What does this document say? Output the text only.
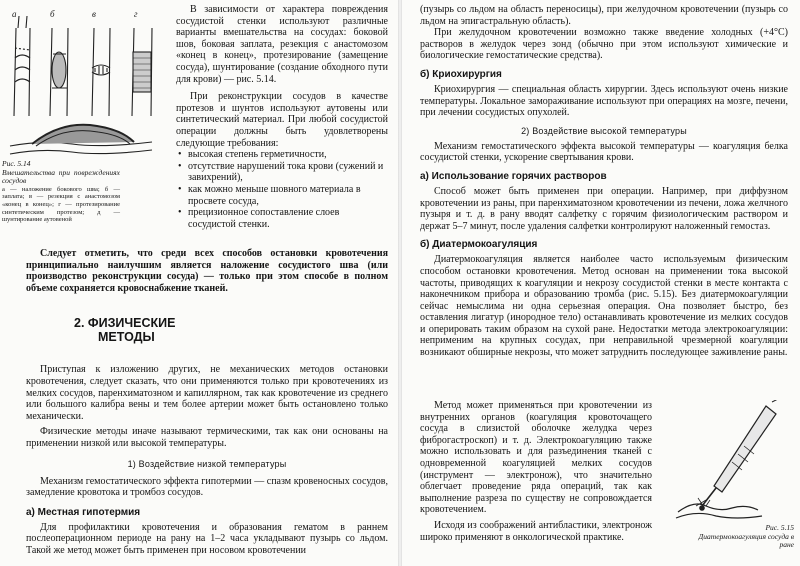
а	б	в	г

Рис. 5.14

Вмешательства при повреждениях сосудов

а — наложение бокового шва; б — заплата; в — резекция с анастомозом «конец в конец»; г — протезирование синтетическим протезом; д — шунтирование аутовеной

В зависимости от характера повреждения сосудистой стенки используют различные варианты вмешательства на сосудах: боковой шов, боковая заплата, резекция с анастомозом «конец в конец», протезирование (замещение сосуда), шунтирование (создание обходного пути для крови) — рис. 5.14.

При реконструкции сосудов в качестве протезов и шунтов используют аутовены или синтетический материал. При любой сосудистой операции должны быть удовлетворены следующие требования:

• высокая степень герметичности,
• отсутствие нарушений тока крови (сужений и завихрений),
• как можно меньше шовного материала в просвете сосуда,
• прецизионное сопоставление слоев сосудистой стенки.

Следует отметить, что среди всех способов остановки кровотечения принципиально наилучшим является наложение сосудистого шва (или производство реконструкции сосуда) — только при этом способе в полном объеме сохраняется кровоснабжение тканей.

2. ФИЗИЧЕСКИЕ
МЕТОДЫ

Приступая к изложению других, не механических методов остановки кровотечения, следует сказать, что они применяются только при кровотечениях из мелких сосудов, паренхиматозном и капиллярном, так как кровотечение из среднего или большого калибра вены и тем более артерии может быть остановлено только механически.

Физические методы иначе называют термическими, так как они основаны на применении низкой или высокой температуры.

1) Воздействие низкой температуры

Механизм гемостатического эффекта гипотермии — спазм кровеносных сосудов, замедление кровотока и тромбоз сосудов.

а) Местная гипотермия

Для профилактики кровотечения и образования гематом в раннем послеоперационном периоде на рану на 1–2 часа укладывают пузырь со льдом. Такой же метод может быть применен при носовом кровотечении

(пузырь со льдом на область переносицы), при желудочном кровотечении (пузырь со льдом на эпигастральную область).

При желудочном кровотечении возможно также введение холодных (+4°С) растворов в желудок через зонд (обычно при этом используют химические и биологические гемостатические средства).

б) Криохирургия

Криохирургия — специальная область хирургии. Здесь используют очень низкие температуры. Локальное замораживание используют при операциях на мозге, печени, при лечении сосудистых опухолей.

2) Воздействие высокой температуры

Механизм гемостатического эффекта высокой температуры — коагуляция белка сосудистой стенки, ускорение свертывания крови.

а) Использование горячих растворов

Способ может быть применен при операции. Например, при диффузном кровотечении из раны, при паренхиматозном кровотечении из печени, ложа желчного пузыря и т. д. в рану вводят салфетку с горячим физиологическим раствором и держат 5–7 минут, после удаления салфетки контролируют наложенный гемостаз.

б) Диатермокоагуляция

Диатермокоагуляция является наиболее часто используемым физическим способом остановки кровотечения. Метод основан на применении тока высокой частоты, приводящих к коагуляции и некрозу сосудистой стенки в месте контакта с наконечником прибора и образованию тромба (рис. 5.15). Без диатермокоагуляции сейчас немыслима ни одна серьезная операция. Она позволяет быстро, без оставления лигатур (инородное тело) останавливать кровотечение из мелких сосудов и оперировать таким образом на сухой ране. Недостатки метода электрокоагуляции: неприменим на крупных сосудах, при неправильной чрезмерной коагуляции возникают обширные некрозы, что может затруднить последующее заживление раны.

Метод может применяться при кровотечении из внутренних органов (коагуляция кровоточащего сосуда в слизистой оболочке желудка через фиброгастроскоп) и т. д. Электрокоагуляцию также можно использовать и для разъединения тканей с одновременной коагуляцией мелких сосудов (инструмент — электронож), что значительно облегчает проведение ряда операций, так как выполнение разреза по существу не сопровождается кровотечением.

Исходя из соображений антибластики, электронож широко применяют в онкологической практике.

Рис. 5.15

Диатермокоагуляция сосуда в ране
